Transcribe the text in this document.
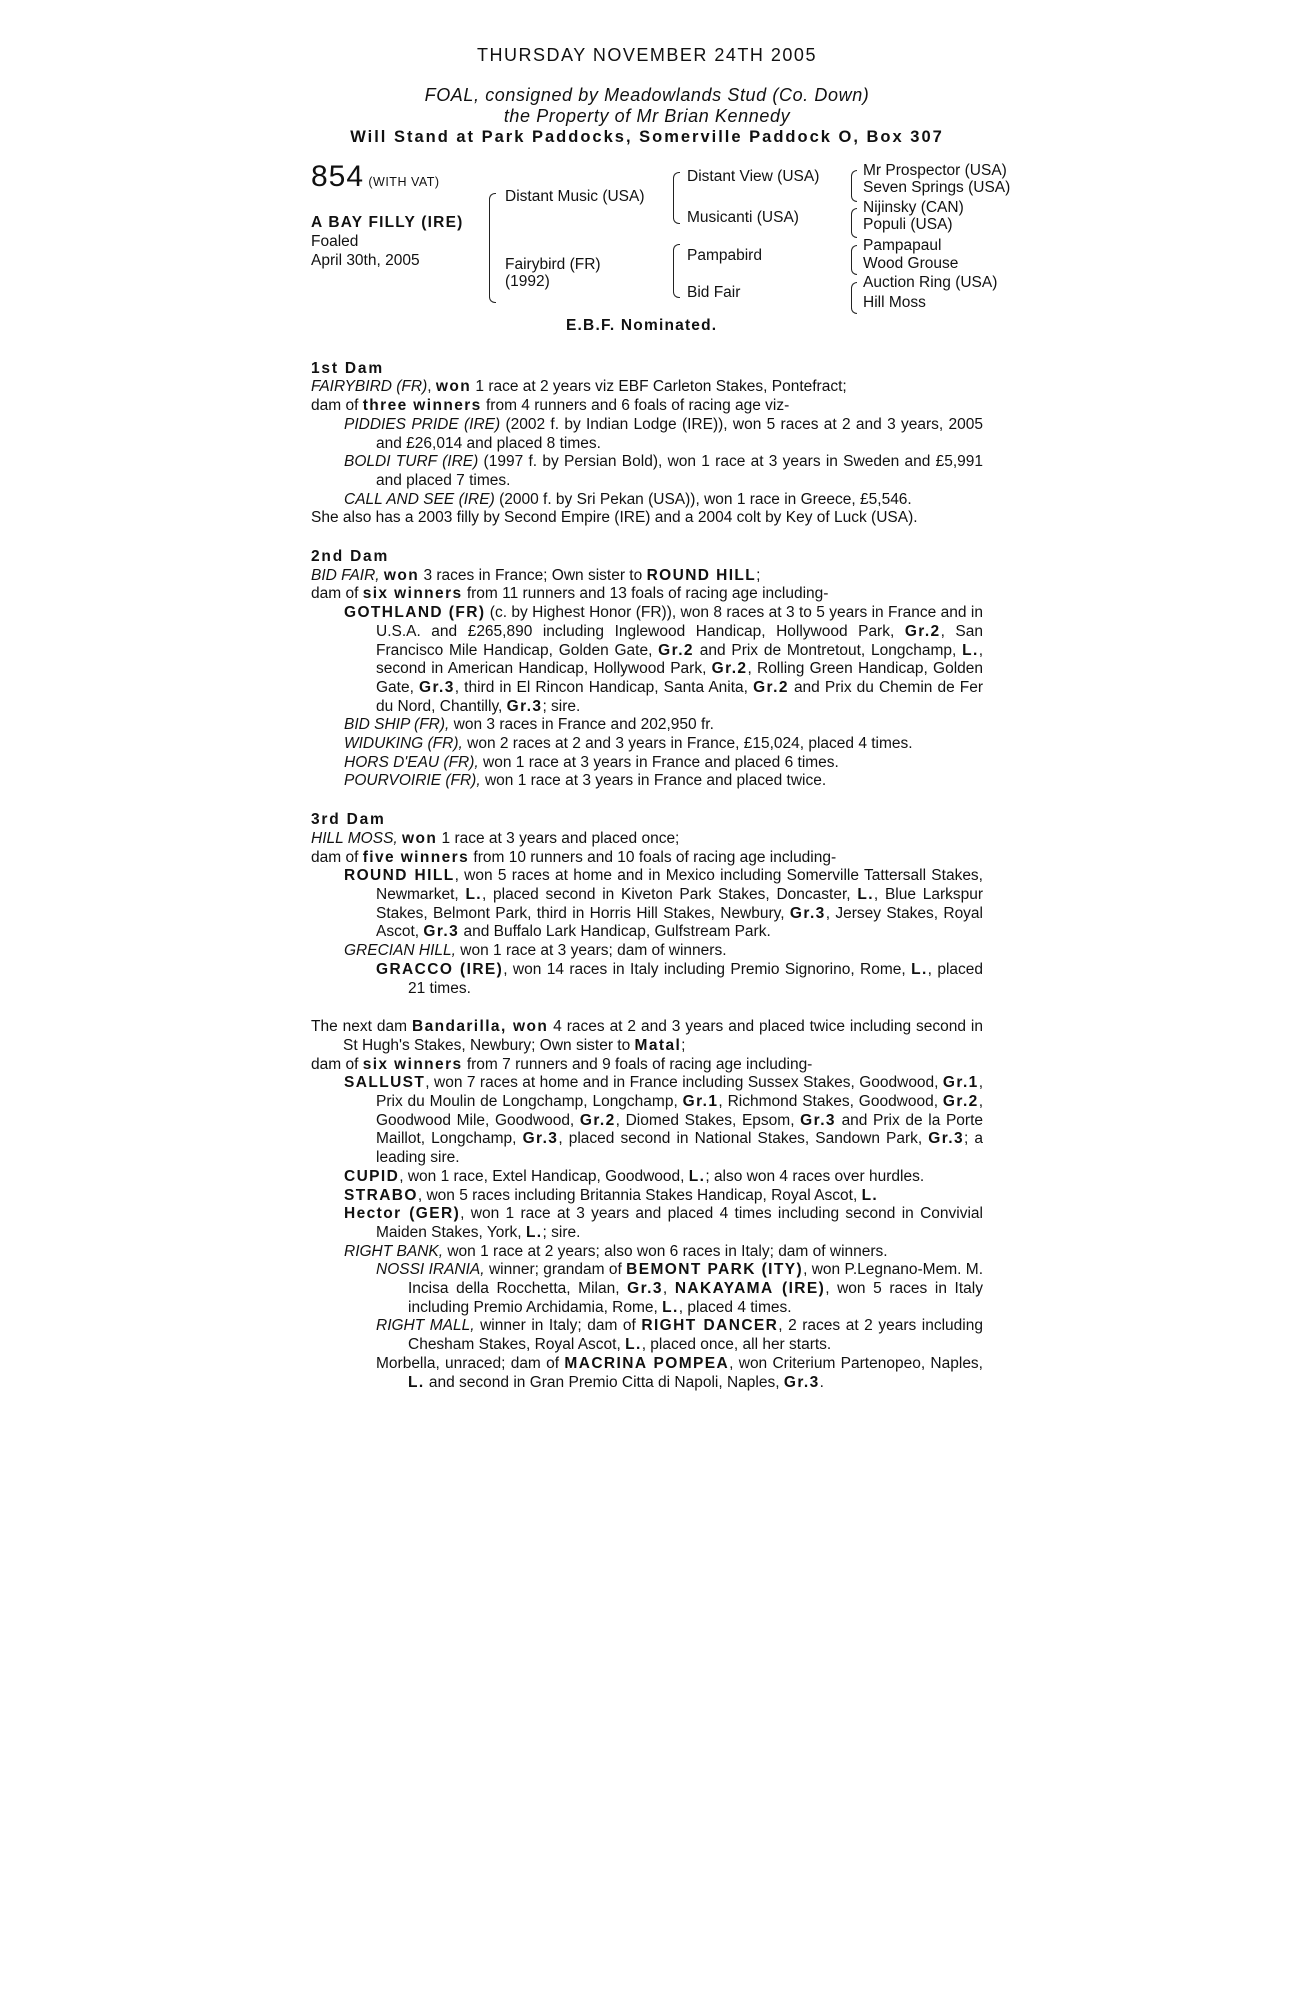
THURSDAY NOVEMBER 24TH 2005
FOAL, consigned by Meadowlands Stud (Co. Down)
the Property of Mr Brian Kennedy
Will Stand at Park Paddocks, Somerville Paddock O, Box 307
854 (WITH VAT)
A BAY FILLY (IRE)
Foaled
April 30th, 2005
Distant Music (USA)
Fairybird (FR)
(1992)
Distant View (USA)
Musicanti (USA)
Pampabird
Bid Fair
Mr Prospector (USA)
Seven Springs (USA)
Nijinsky (CAN)
Populi (USA)
Pampapaul
Wood Grouse
Auction Ring (USA)
Hill Moss
E.B.F. Nominated.
1st Dam

FAIRYBIRD (FR), won 1 race at 2 years viz EBF Carleton Stakes, Pontefract;

dam of three winners from 4 runners and 6 foals of racing age viz-

PIDDIES PRIDE (IRE) (2002 f. by Indian Lodge (IRE)), won 5 races at 2 and 3 years, 2005 and £26,014 and placed 8 times.

BOLDI TURF (IRE) (1997 f. by Persian Bold), won 1 race at 3 years in Sweden and £5,991 and placed 7 times.

CALL AND SEE (IRE) (2000 f. by Sri Pekan (USA)), won 1 race in Greece, £5,546.

She also has a 2003 filly by Second Empire (IRE) and a 2004 colt by Key of Luck (USA).

2nd Dam

BID FAIR, won 3 races in France; Own sister to ROUND HILL;

dam of six winners from 11 runners and 13 foals of racing age including-

GOTHLAND (FR) (c. by Highest Honor (FR)), won 8 races at 3 to 5 years in France and in U.S.A. and £265,890 including Inglewood Handicap, Hollywood Park, Gr.2, San Francisco Mile Handicap, Golden Gate, Gr.2 and Prix de Montretout, Longchamp, L., second in American Handicap, Hollywood Park, Gr.2, Rolling Green Handicap, Golden Gate, Gr.3, third in El Rincon Handicap, Santa Anita, Gr.2 and Prix du Chemin de Fer du Nord, Chantilly, Gr.3; sire.

BID SHIP (FR), won 3 races in France and 202,950 fr.

WIDUKING (FR), won 2 races at 2 and 3 years in France, £15,024, placed 4 times.

HORS D'EAU (FR), won 1 race at 3 years in France and placed 6 times.

POURVOIRIE (FR), won 1 race at 3 years in France and placed twice.

3rd Dam

HILL MOSS, won 1 race at 3 years and placed once;

dam of five winners from 10 runners and 10 foals of racing age including-

ROUND HILL, won 5 races at home and in Mexico including Somerville Tattersall Stakes, Newmarket, L., placed second in Kiveton Park Stakes, Doncaster, L., Blue Larkspur Stakes, Belmont Park, third in Horris Hill Stakes, Newbury, Gr.3, Jersey Stakes, Royal Ascot, Gr.3 and Buffalo Lark Handicap, Gulfstream Park.

GRECIAN HILL, won 1 race at 3 years; dam of winners.

GRACCO (IRE), won 14 races in Italy including Premio Signorino, Rome, L., placed 21 times.

The next dam Bandarilla, won 4 races at 2 and 3 years and placed twice including second in St Hugh's Stakes, Newbury; Own sister to Matal;

dam of six winners from 7 runners and 9 foals of racing age including-

SALLUST, won 7 races at home and in France including Sussex Stakes, Goodwood, Gr.1, Prix du Moulin de Longchamp, Longchamp, Gr.1, Richmond Stakes, Goodwood, Gr.2, Goodwood Mile, Goodwood, Gr.2, Diomed Stakes, Epsom, Gr.3 and Prix de la Porte Maillot, Longchamp, Gr.3, placed second in National Stakes, Sandown Park, Gr.3; a leading sire.

CUPID, won 1 race, Extel Handicap, Goodwood, L.; also won 4 races over hurdles.

STRABO, won 5 races including Britannia Stakes Handicap, Royal Ascot, L.

Hector (GER), won 1 race at 3 years and placed 4 times including second in Convivial Maiden Stakes, York, L.; sire.

RIGHT BANK, won 1 race at 2 years; also won 6 races in Italy; dam of winners.

NOSSI IRANIA, winner; grandam of BEMONT PARK (ITY), won P.Legnano-Mem. M. Incisa della Rocchetta, Milan, Gr.3, NAKAYAMA (IRE), won 5 races in Italy including Premio Archidamia, Rome, L., placed 4 times.

RIGHT MALL, winner in Italy; dam of RIGHT DANCER, 2 races at 2 years including Chesham Stakes, Royal Ascot, L., placed once, all her starts.

Morbella, unraced; dam of MACRINA POMPEA, won Criterium Partenopeo, Naples, L. and second in Gran Premio Citta di Napoli, Naples, Gr.3.
